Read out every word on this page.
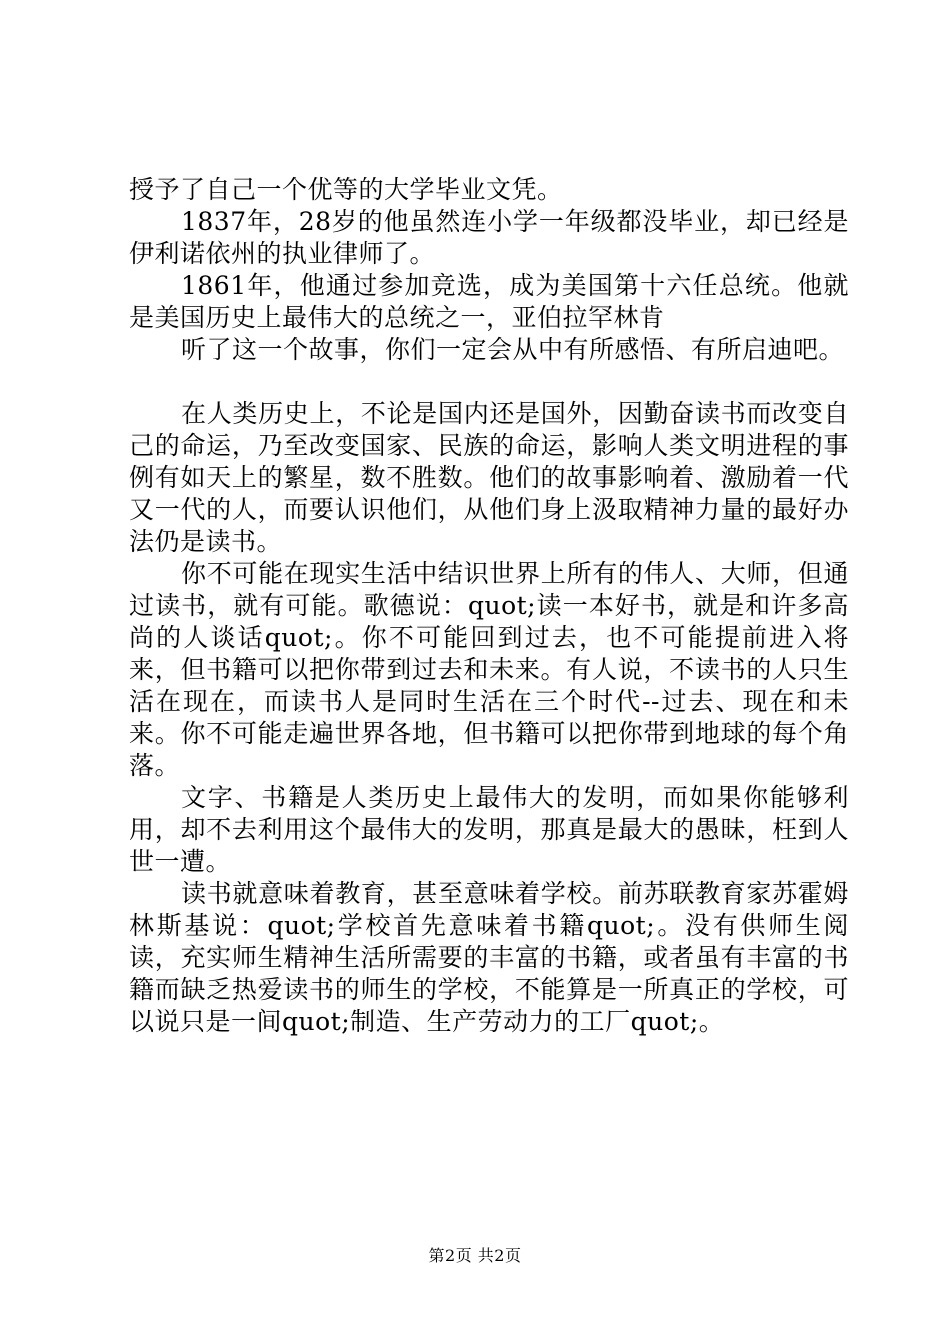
授予了自己一个优等的大学毕业文凭。

1837年，28岁的他虽然连小学一年级都没毕业，却已经是伊利诺依州的执业律师了。

1861年，他通过参加竞选，成为美国第十六任总统。他就是美国历史上最伟大的总统之一，亚伯拉罕林肯

听了这一个故事，你们一定会从中有所感悟、有所启迪吧。

在人类历史上，不论是国内还是国外，因勤奋读书而改变自己的命运，乃至改变国家、民族的命运，影响人类文明进程的事例有如天上的繁星，数不胜数。他们的故事影响着、激励着一代又一代的人，而要认识他们，从他们身上汲取精神力量的最好办法仍是读书。

你不可能在现实生活中结识世界上所有的伟人、大师，但通过读书，就有可能。歌德说：quot;读一本好书，就是和许多高尚的人谈话quot;。你不可能回到过去，也不可能提前进入将来，但书籍可以把你带到过去和未来。有人说，不读书的人只生活在现在，而读书人是同时生活在三个时代--过去、现在和未来。你不可能走遍世界各地，但书籍可以把你带到地球的每个角落。

文字、书籍是人类历史上最伟大的发明，而如果你能够利用，却不去利用这个最伟大的发明，那真是最大的愚昧，枉到人世一遭。

读书就意味着教育，甚至意味着学校。前苏联教育家苏霍姆林斯基说：quot;学校首先意味着书籍quot;。没有供师生阅读，充实师生精神生活所需要的丰富的书籍，或者虽有丰富的书籍而缺乏热爱读书的师生的学校，不能算是一所真正的学校，可以说只是一间quot;制造、生产劳动力的工厂quot;。

第2页 共2页
